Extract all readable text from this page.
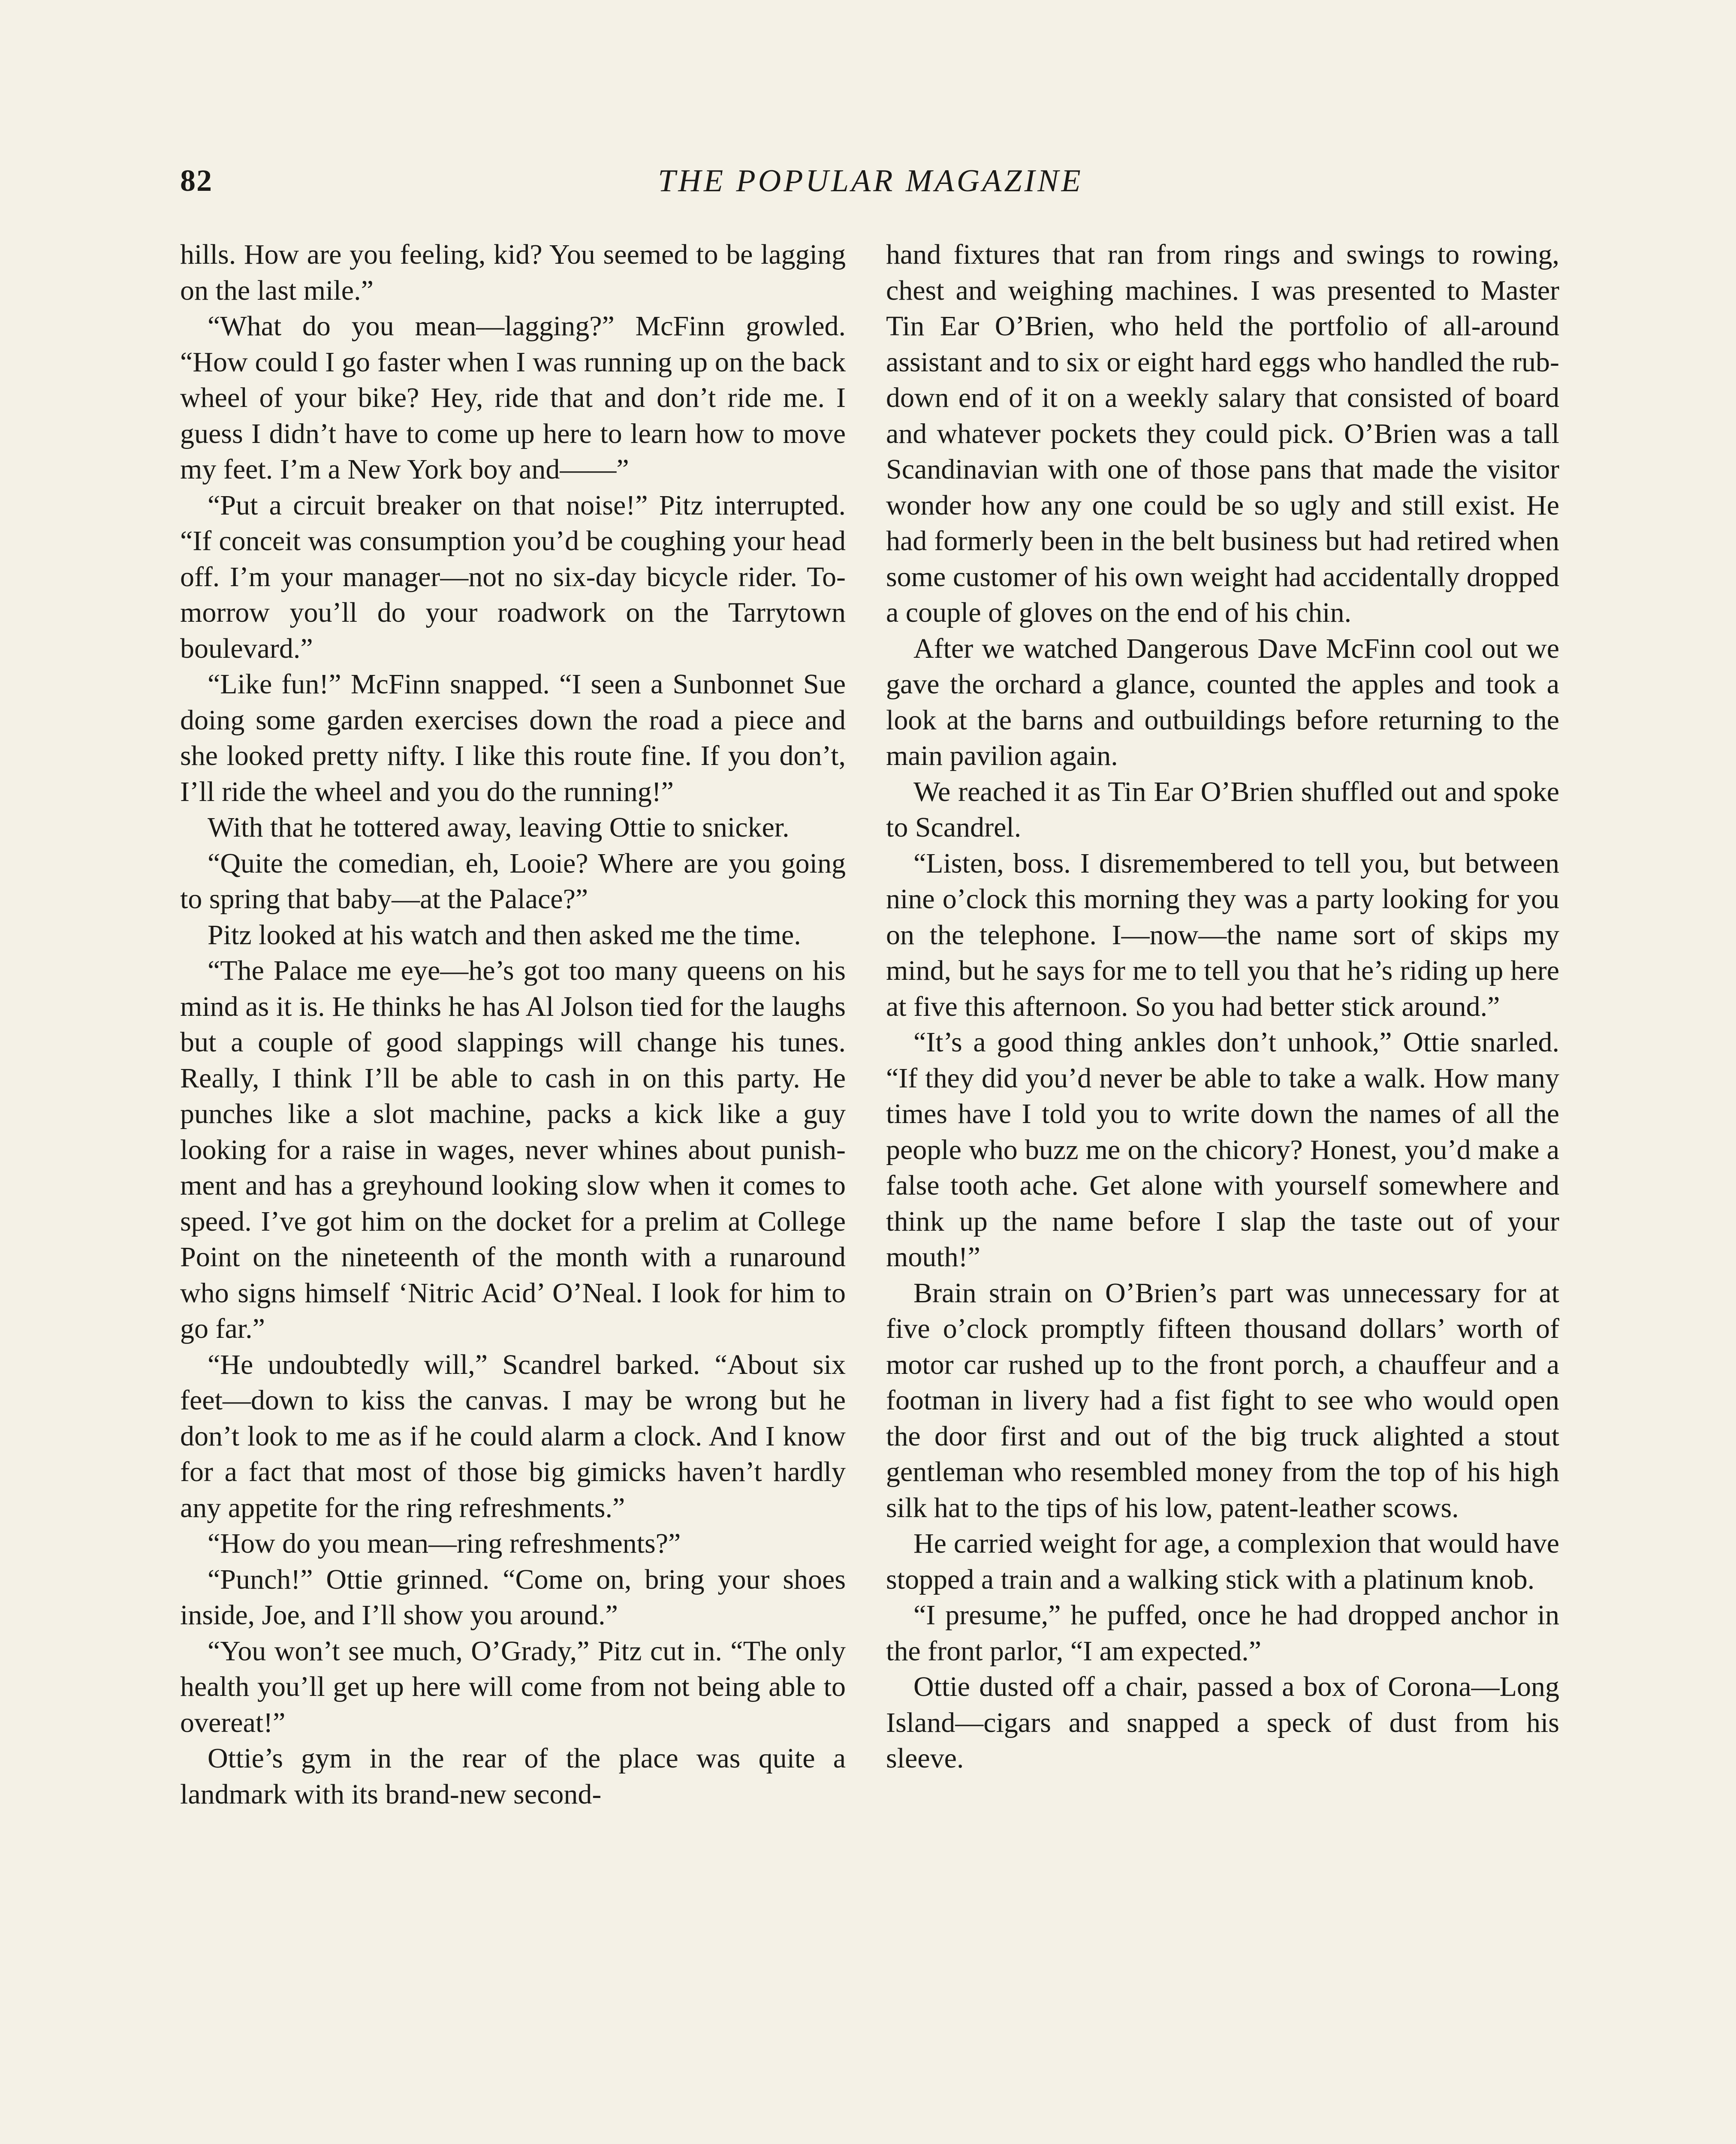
82	THE POPULAR MAGAZINE

hills. How are you feeling, kid? You seemed to be lagging on the last mile.”

“What do you mean—lagging?” McFinn growled. “How could I go faster when I was running up on the back wheel of your bike? Hey, ride that and don’t ride me. I guess I didn’t have to come up here to learn how to move my feet. I’m a New York boy and——”

“Put a circuit breaker on that noise!” Pitz interrupted. “If conceit was consumption you’d be coughing your head off. I’m your manager—not no six-day bicycle rider. To-morrow you’ll do your roadwork on the Tarrytown boulevard.”

“Like fun!” McFinn snapped. “I seen a Sunbonnet Sue doing some garden exercises down the road a piece and she looked pretty nifty. I like this route fine. If you don’t, I’ll ride the wheel and you do the running!”

With that he tottered away, leaving Ottie to snicker.

“Quite the comedian, eh, Looie? Where are you going to spring that baby—at the Palace?”

Pitz looked at his watch and then asked me the time.

“The Palace me eye—he’s got too many queens on his mind as it is. He thinks he has Al Jolson tied for the laughs but a couple of good slappings will change his tunes. Really, I think I’ll be able to cash in on this party. He punches like a slot machine, packs a kick like a guy looking for a raise in wages, never whines about punishment and has a greyhound looking slow when it comes to speed. I’ve got him on the docket for a prelim at College Point on the nineteenth of the month with a runaround who signs himself ‘Nitric Acid’ O’Neal. I look for him to go far.”

“He undoubtedly will,” Scandrel barked. “About six feet—down to kiss the canvas. I may be wrong but he don’t look to me as if he could alarm a clock. And I know for a fact that most of those big gimicks haven’t hardly any appetite for the ring refreshments.”

“How do you mean—ring refreshments?”

“Punch!” Ottie grinned. “Come on, bring your shoes inside, Joe, and I’ll show you around.”

“You won’t see much, O’Grady,” Pitz cut in. “The only health you’ll get up here will come from not being able to overeat!”

Ottie’s gym in the rear of the place was quite a landmark with its brand-new second-

hand fixtures that ran from rings and swings to rowing, chest and weighing machines. I was presented to Master Tin Ear O’Brien, who held the portfolio of all-around assistant and to six or eight hard eggs who handled the rub-down end of it on a weekly salary that consisted of board and whatever pockets they could pick. O’Brien was a tall Scandinavian with one of those pans that made the visitor wonder how any one could be so ugly and still exist. He had formerly been in the belt business but had retired when some customer of his own weight had accidentally dropped a couple of gloves on the end of his chin.

After we watched Dangerous Dave McFinn cool out we gave the orchard a glance, counted the apples and took a look at the barns and outbuildings before returning to the main pavilion again.

We reached it as Tin Ear O’Brien shuffled out and spoke to Scandrel.

“Listen, boss. I disremembered to tell you, but between nine o’clock this morning they was a party looking for you on the telephone. I—now—the name sort of skips my mind, but he says for me to tell you that he’s riding up here at five this afternoon. So you had better stick around.”

“It’s a good thing ankles don’t unhook,” Ottie snarled. “If they did you’d never be able to take a walk. How many times have I told you to write down the names of all the people who buzz me on the chicory? Honest, you’d make a false tooth ache. Get alone with yourself somewhere and think up the name before I slap the taste out of your mouth!”

Brain strain on O’Brien’s part was unnecessary for at five o’clock promptly fifteen thousand dollars’ worth of motor car rushed up to the front porch, a chauffeur and a footman in livery had a fist fight to see who would open the door first and out of the big truck alighted a stout gentleman who resembled money from the top of his high silk hat to the tips of his low, patent-leather scows.

He carried weight for age, a complexion that would have stopped a train and a walking stick with a platinum knob.

“I presume,” he puffed, once he had dropped anchor in the front parlor, “I am expected.”

Ottie dusted off a chair, passed a box of Corona—Long Island—cigars and snapped a speck of dust from his sleeve.
